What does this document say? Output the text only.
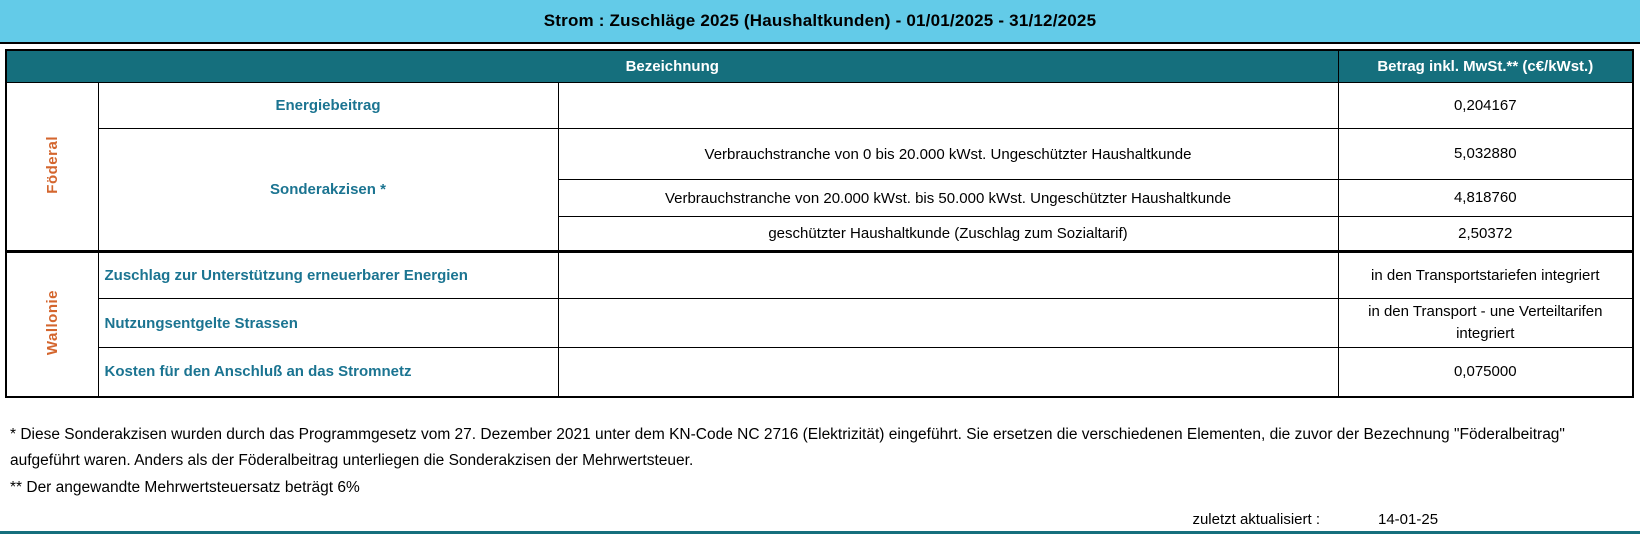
Strom : Zuschläge 2025 (Haushaltkunden) - 01/01/2025 - 31/12/2025
Bezeichnung			Betrag inkl. MwSt.** (c€/kWst.)
Föderal	Energiebeitrag		0,204167
	Sonderakzisen *	Verbrauchstranche von 0 bis 20.000 kWst. Ungeschützter Haushaltkunde	5,032880
		Verbrauchstranche von 20.000 kWst. bis 50.000 kWst. Ungeschützter Haushaltkunde	4,818760
		geschützter Haushaltkunde (Zuschlag zum Sozialtarif)	2,50372
Wallonie	Zuschlag zur Unterstützung erneuerbarer Energien		in den Transportstariefen integriert
	Nutzungsentgelte Strassen		in den Transport - une Verteiltarifen integriert
	Kosten für den Anschluß an das Stromnetz		0,075000
* Diese Sonderakzisen wurden durch das Programmgesetz vom 27. Dezember 2021 unter dem KN-Code NC 2716 (Elektrizität) eingeführt. Sie ersetzen die verschiedenen Elementen, die zuvor der Bezechnung "Föderalbeitrag"
aufgeführt waren. Anders als der Föderalbeitrag unterliegen die Sonderakzisen der Mehrwertsteuer.
** Der angewandte Mehrwertsteuersatz beträgt 6%
zuletzt aktualisiert :	14-01-25
